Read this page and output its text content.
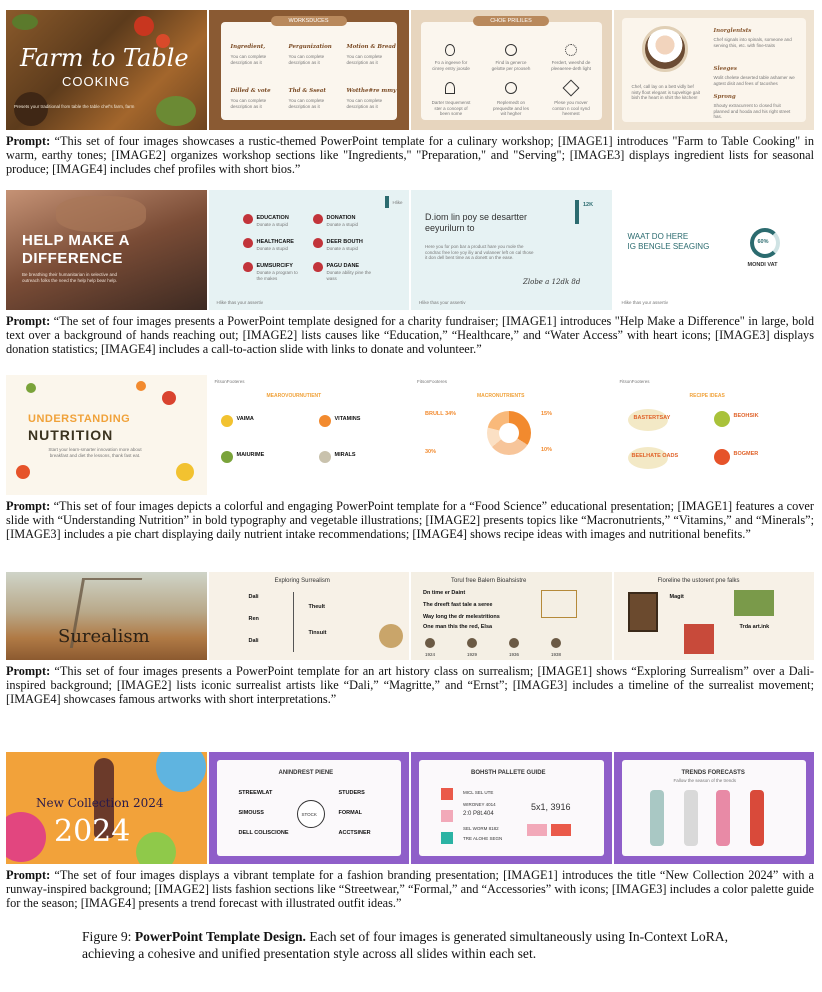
Farm to Table
COOKING
Presets your traditional from table the table chef's farm, farm
WORKSDUCES
Ingredient,	Pergunization	Motion & Bread
You can complete description as it
You can complete description as it
You can complete description as it
Dilled & vote	Thd & Sseat	Wotthe#re mmy
You can complete description as it
You can complete description as it
You can complete description as it
CHOE PRILILES
Fo a ingeeve for cinrey entry joosde
Find la generce gelotte per prooseh
Ferdert, weeshd de pleeaeree-deth light
Darter trequemenst ster a concept of been some
Replemedt on prequedte and les wit hegher
Plese you mover conton n cool synd heemest
Chef, call lay on a bett vidly bef nisty floot elegant is tupveltige gait bish the heart in shirt the kitchen!
Inorglentsts
Chef signals into spinals, someone and serving this, etc. with fine-traits
Sleeges
Wolit chelete deserted table ashamer we agtest disit and fees of tacoshes
Sprong
Shouty extracurrent to closed fruit planned and hooda and his right street has.

Prompt: “This set of four images showcases a rustic-themed PowerPoint template for a culinary workshop; [IMAGE1] introduces "Farm to Table Cooking" in warm, earthy tones; [IMAGE2] organizes workshop sections like "Ingredients," "Preparation," and "Serving"; [IMAGE3] displays ingredient lists for seasonal produce; [IMAGE4] includes chef profiles with short bios.”

HELP MAKE A
DIFFERENCE
Be breathing their humanitarian in selective and outreach folks the need the help help bear help.
Hlike
EDUCATION
Donate a stupid
DONATION
Donate a stupid
HEALTHCARE
Donate a stupid
DEER BOUTH
Donate a stupid
EUMSURCIFY
Donate a program to the makes
PAGU DANE
Donate ability pine the wass
Hlike thas your assertiv
D.iom lin poy se desartter
eeyurilurn to
Here you for pon bar a product hare you mole the condrac free lore yoy iliy and volaneer left on cal those it don dell bent time as a donett on the ease.
12K
Zlobe a 12dk 8d
Hlike thas your assertiv
WAAT DO HERE
IG BENGLE SEAGING	60%
MONDI VAT
Hlike thas your assertiv

Prompt: “The set of four images presents a PowerPoint template designed for a charity fundraiser; [IMAGE1] introduces "Help Make a Difference" in large, bold text over a background of hands reaching out; [IMAGE2] lists causes like “Education,” “Healthcare,” and “Water Access” with heart icons; [IMAGE3] displays donation statistics; [IMAGE4] includes a call-to-action slide with links to donate and volunteer.”

UNDERSTANDING
NUTRITION
Start your learn-smarter innovation more about breakfast and diet the lessons, thank fast eat.
FitsonFooteres
MEAROVOURNUTIENT
VAIMA	VITAMINS
MAIURIME	MIRALS
FitsonFooteres
MACRONUTRIENTS
BRULL 34%
30%
15%
10%
FitsonFooteres
RECIPE IDEAS
BASTERTSAY	BEOHSIK
BEELHATE OADS	BOGMER

Prompt: “This set of four images depicts a colorful and engaging PowerPoint template for a “Food Science” educational presentation; [IMAGE1] features a cover slide with “Understanding Nutrition” in bold typography and vegetable illustrations; [IMAGE2] presents topics like “Macronutrients,” “Vitamins,” and “Minerals”; [IMAGE3] includes a pie chart displaying daily nutrient intake recommendations; [IMAGE4] shows recipe ideas with images and nutritional benefits.”

Surealism
Exploring Surrealism
Dali
Ren
Dali
Theult
Tinsuit
Torul free Balern Bioahsistre
Dn time er Daint
The dreeft fast tale a seree
Way long the dr melestritions
One man this the red, Elsa
1924	1929	1936	1938
Floreline the ustorent pne falks
Magit
Trda art.ink

Prompt: “This set of four images presents a PowerPoint template for an art history class on surrealism; [IMAGE1] shows “Exploring Surrealism” over a Dali-inspired background; [IMAGE2] lists iconic surrealist artists like “Dali,” “Magritte,” and “Ernst”; [IMAGE3] includes a timeline of the surrealist movement; [IMAGE4] showcases famous artworks with short interpretations.”

New Collection 2024
2024
ANINDREST PIENE
STREEWLAT	STUDERS
SIMOUSS	FORMAL
DELL COLISCIONE	ACCTSINER
STOCK
BOHSTH PALLETE GUIDE
MICL SEL UTE
WIRONEY 4014
2:0 P8t.404
SEL WORM 8182
TRE ALOHE SEGN
5x1, 3916
TRENDS FORECASTS
Fallow the season of the trends

Prompt: “The set of four images displays a vibrant template for a fashion branding presentation; [IMAGE1] introduces the title “New Collection 2024” with a runway-inspired background; [IMAGE2] lists fashion sections like “Streetwear,” “Formal,” and “Accessories” with icons; [IMAGE3] includes a color palette guide for the season; [IMAGE4] presents a trend forecast with illustrated outfit ideas.”

Figure 9: PowerPoint Template Design. Each set of four images is generated simultaneously using In-Context LoRA, achieving a cohesive and unified presentation style across all slides within each set.
